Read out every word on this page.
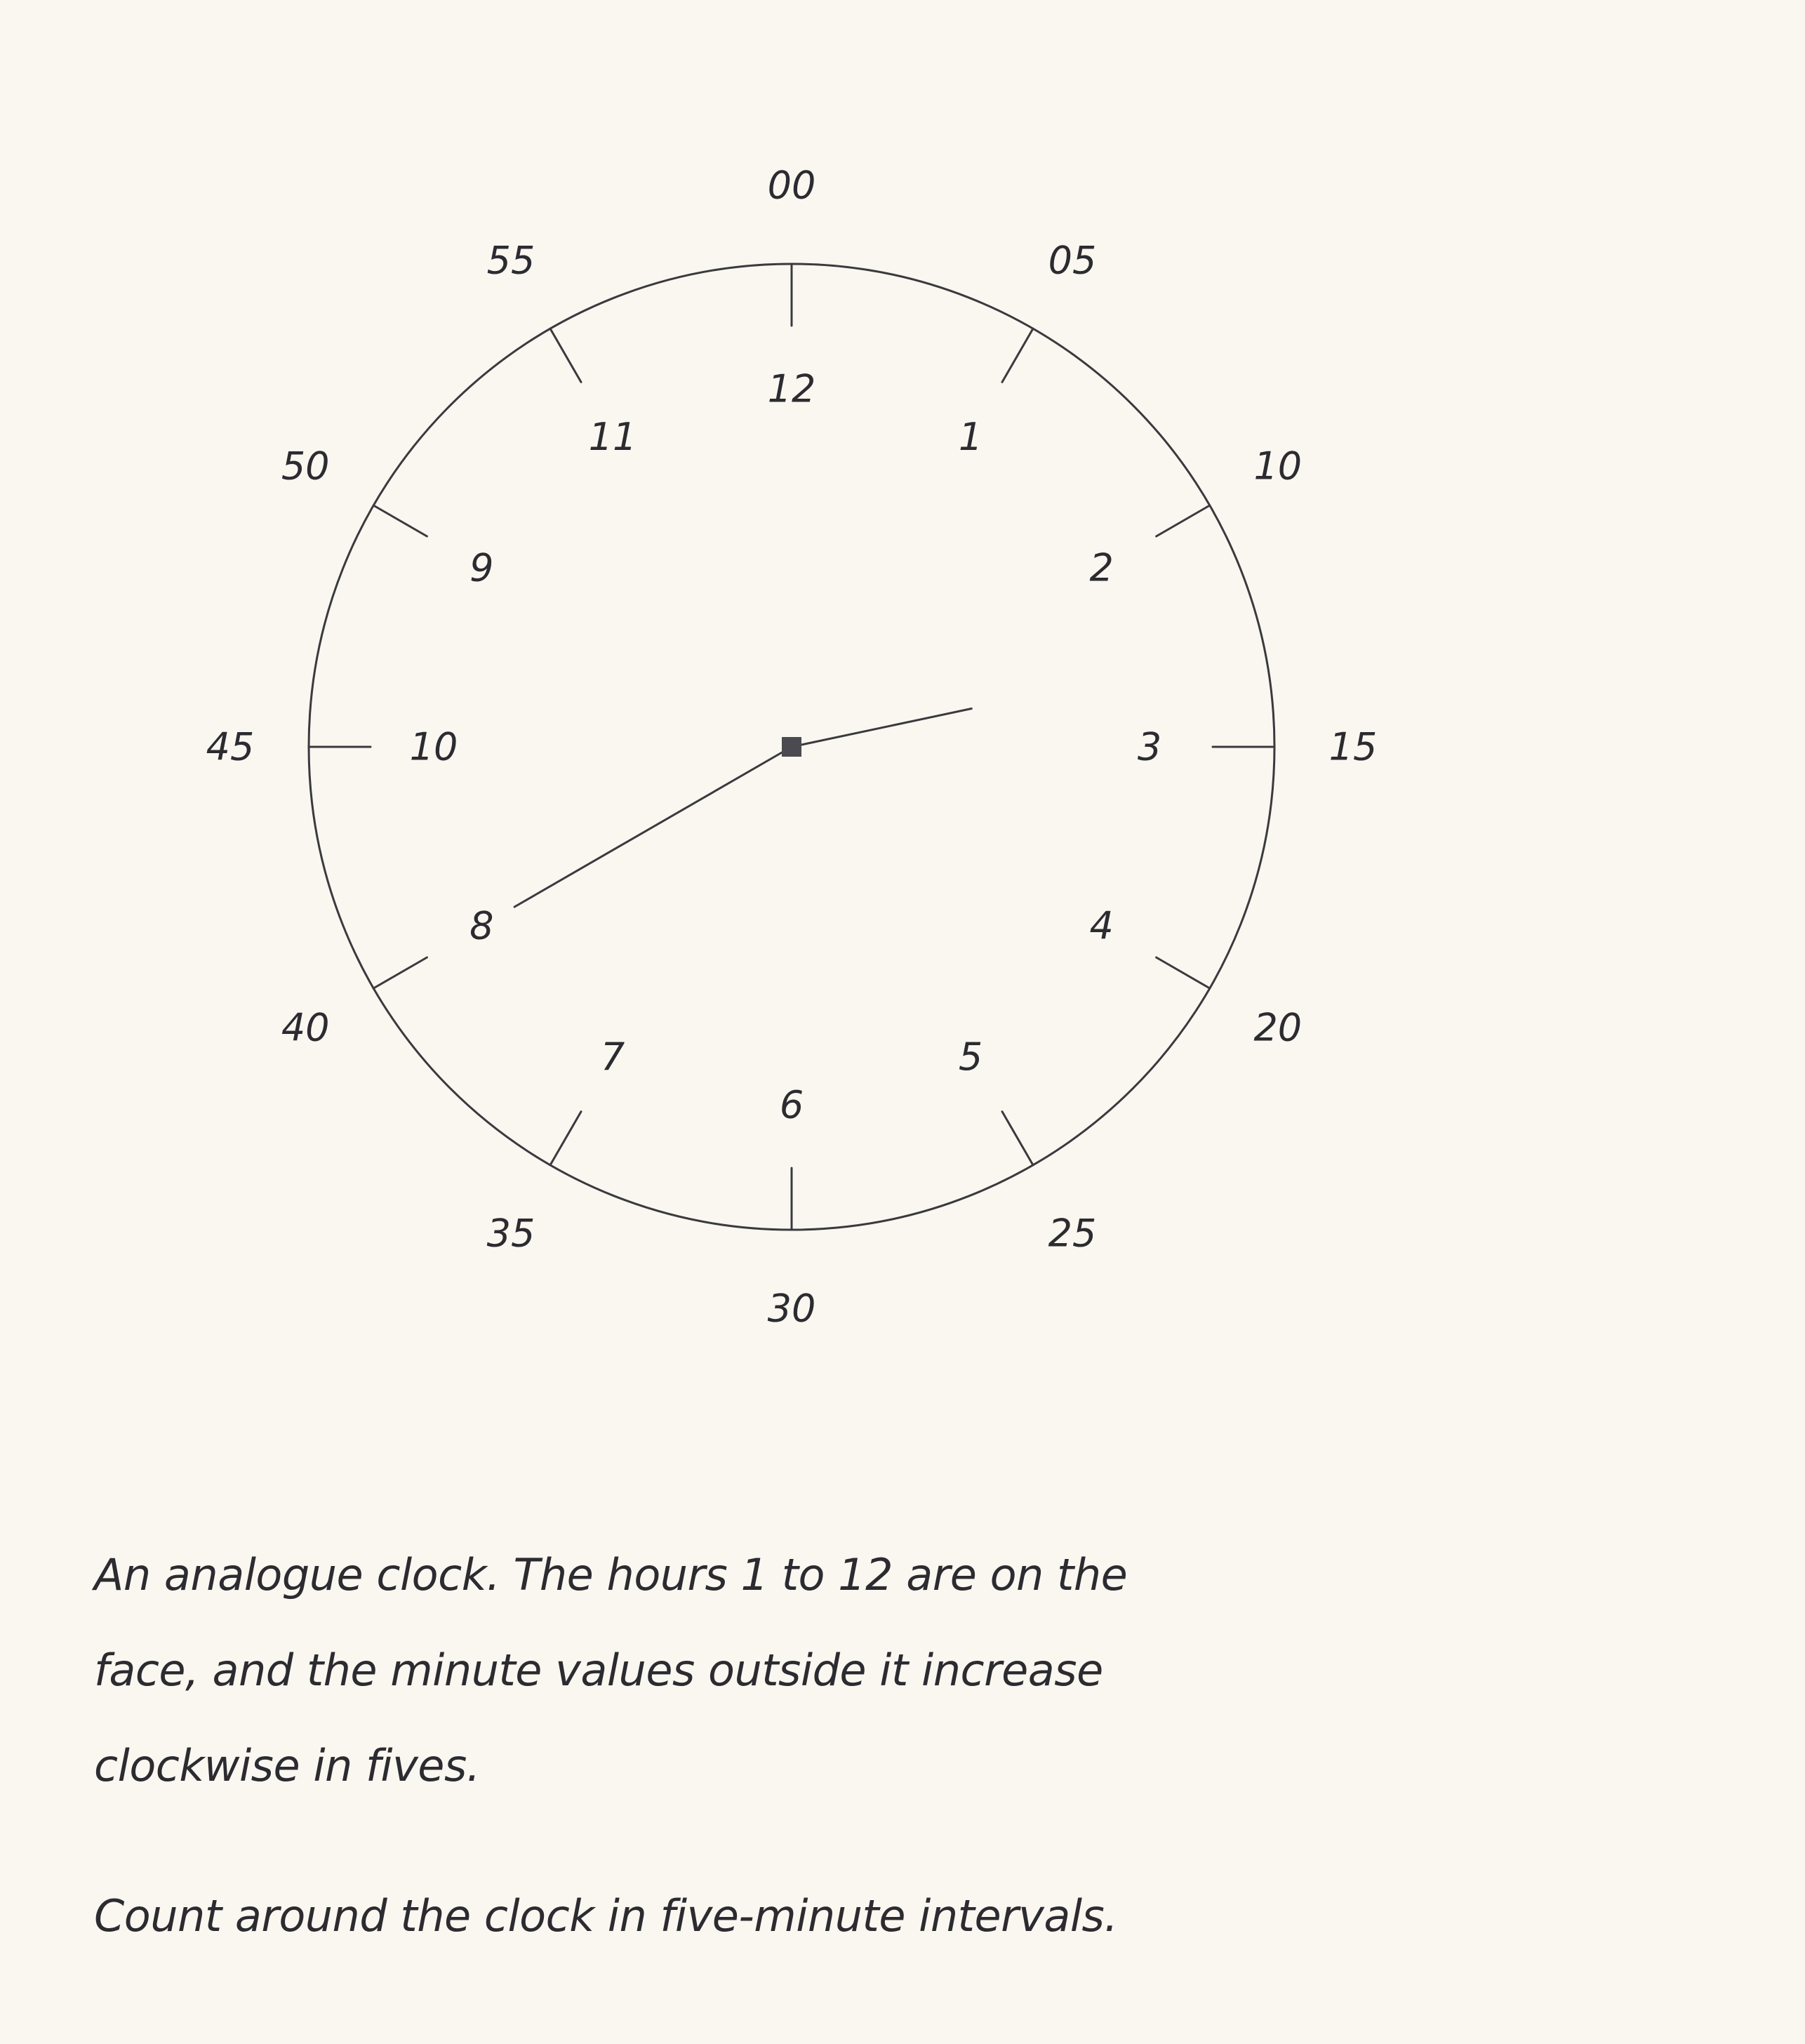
12
1
2
3
4
5
6
7
8
10
9
11
00
05
10
15
20
25
30
35
40
45
50
55

An analogue clock. The hours 1 to 12 are on the face, and the minute values outside it increase clockwise in fives.

Count around the clock in five-minute intervals.
